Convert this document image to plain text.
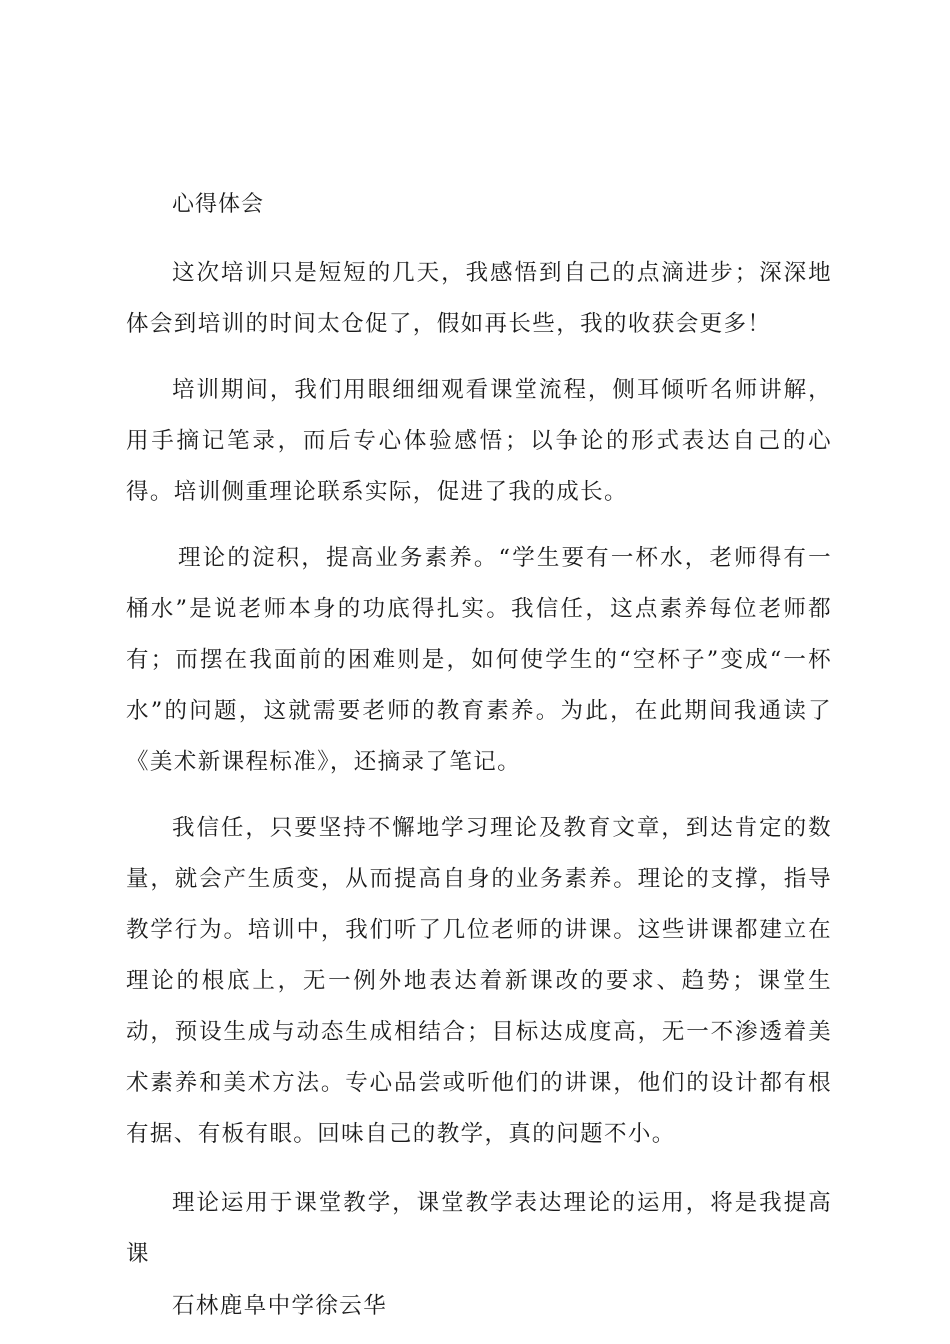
心得体会

这次培训只是短短的几天，我感悟到自己的点滴进步；深深地体会到培训的时间太仓促了，假如再长些，我的收获会更多！

培训期间，我们用眼细细观看课堂流程，侧耳倾听名师讲解，用手摘记笔录，而后专心体验感悟；以争论的形式表达自己的心得。培训侧重理论联系实际，促进了我的成长。

理论的淀积，提高业务素养。“学生要有一杯水，老师得有一桶水”是说老师本身的功底得扎实。我信任，这点素养每位老师都有；而摆在我面前的困难则是，如何使学生的“空杯子”变成“一杯水”的问题，这就需要老师的教育素养。为此，在此期间我通读了《美术新课程标准》，还摘录了笔记。

我信任，只要坚持不懈地学习理论及教育文章，到达肯定的数量，就会产生质变，从而提高自身的业务素养。理论的支撑，指导教学行为。培训中，我们听了几位老师的讲课。这些讲课都建立在理论的根底上，无一例外地表达着新课改的要求、趋势；课堂生动，预设生成与动态生成相结合；目标达成度高，无一不渗透着美术素养和美术方法。专心品尝或听他们的讲课，他们的设计都有根有据、有板有眼。回味自己的教学，真的问题不小。

理论运用于课堂教学，课堂教学表达理论的运用，将是我提高课

石林鹿阜中学徐云华
